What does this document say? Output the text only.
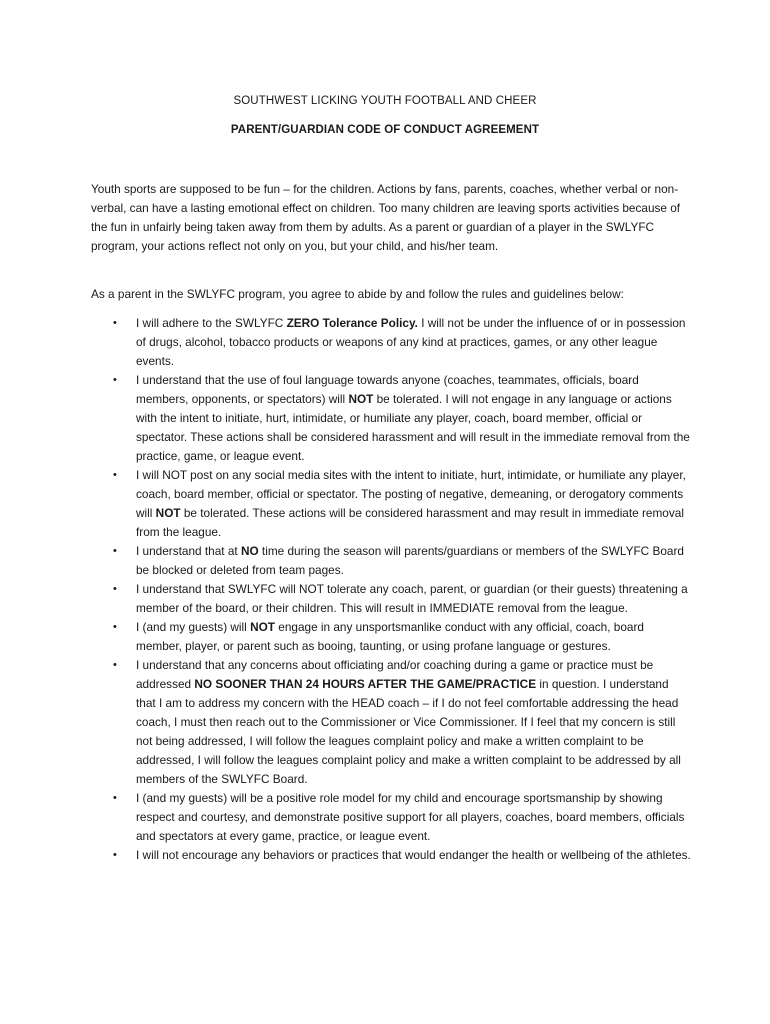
SOUTHWEST LICKING YOUTH FOOTBALL AND CHEER
PARENT/GUARDIAN CODE OF CONDUCT AGREEMENT

Youth sports are supposed to be fun – for the children. Actions by fans, parents, coaches, whether verbal or non-verbal, can have a lasting emotional effect on children. Too many children are leaving sports activities because of the fun in unfairly being taken away from them by adults. As a parent or guardian of a player in the SWLYFC program, your actions reflect not only on you, but your child, and his/her team.

As a parent in the SWLYFC program, you agree to abide by and follow the rules and guidelines below:

• I will adhere to the SWLYFC ZERO Tolerance Policy. I will not be under the influence of or in possession of drugs, alcohol, tobacco products or weapons of any kind at practices, games, or any other league events.
• I understand that the use of foul language towards anyone (coaches, teammates, officials, board members, opponents, or spectators) will NOT be tolerated. I will not engage in any language or actions with the intent to initiate, hurt, intimidate, or humiliate any player, coach, board member, official or spectator. These actions shall be considered harassment and will result in the immediate removal from the practice, game, or league event.
• I will NOT post on any social media sites with the intent to initiate, hurt, intimidate, or humiliate any player, coach, board member, official or spectator. The posting of negative, demeaning, or derogatory comments will NOT be tolerated. These actions will be considered harassment and may result in immediate removal from the league.
• I understand that at NO time during the season will parents/guardians or members of the SWLYFC Board be blocked or deleted from team pages.
• I understand that SWLYFC will NOT tolerate any coach, parent, or guardian (or their guests) threatening a member of the board, or their children. This will result in IMMEDIATE removal from the league.
• I (and my guests) will NOT engage in any unsportsmanlike conduct with any official, coach, board member, player, or parent such as booing, taunting, or using profane language or gestures.
• I understand that any concerns about officiating and/or coaching during a game or practice must be addressed NO SOONER THAN 24 HOURS AFTER THE GAME/PRACTICE in question. I understand that I am to address my concern with the HEAD coach – if I do not feel comfortable addressing the head coach, I must then reach out to the Commissioner or Vice Commissioner. If I feel that my concern is still not being addressed, I will follow the leagues complaint policy and make a written complaint to be addressed, I will follow the leagues complaint policy and make a written complaint to be addressed by all members of the SWLYFC Board.
• I (and my guests) will be a positive role model for my child and encourage sportsmanship by showing respect and courtesy, and demonstrate positive support for all players, coaches, board members, officials and spectators at every game, practice, or league event.
• I will not encourage any behaviors or practices that would endanger the health or wellbeing of the athletes.
